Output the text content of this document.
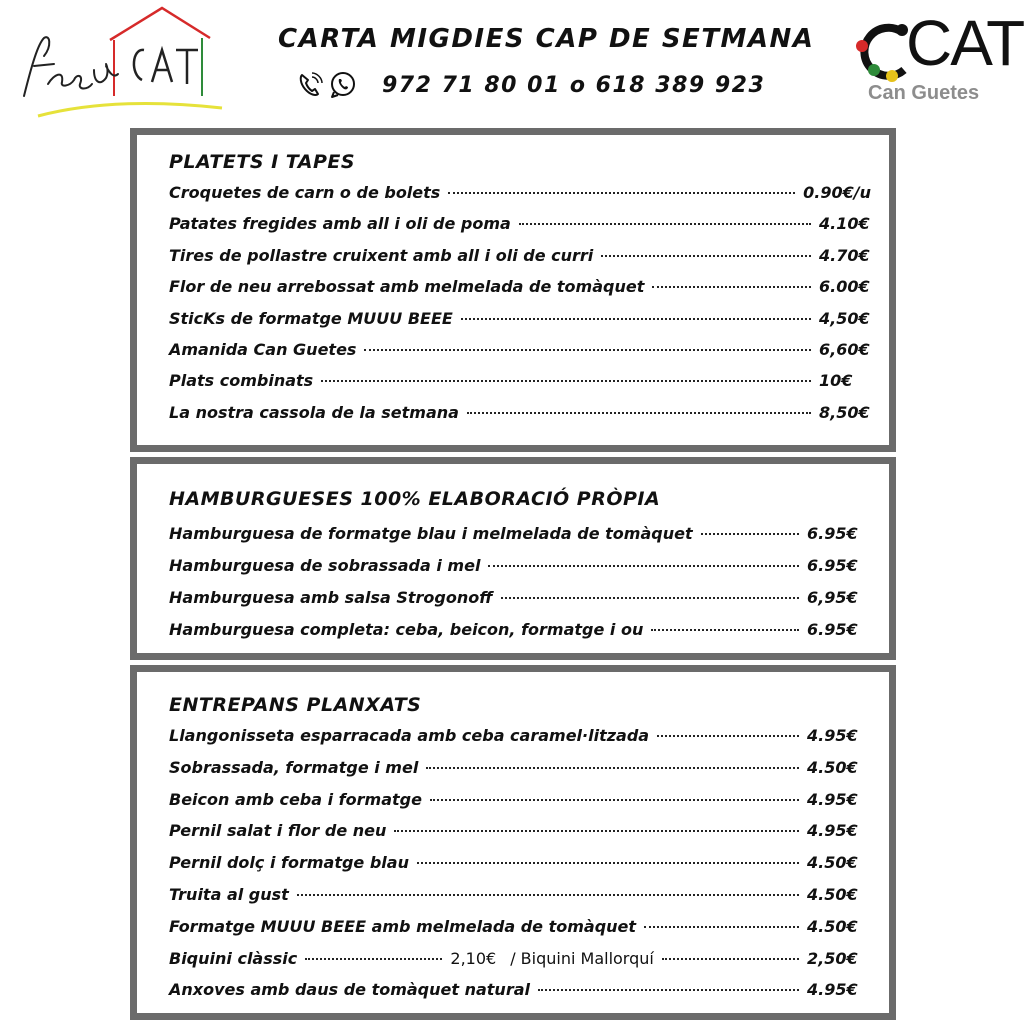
CARTA MIGDIES CAP DE SETMANA
972 71 80 01 o 618 389 923
CAT
Can Guetes
PLATETS I TAPES
Croquetes de carn o de bolets	0.90€/u
Patates fregides amb all i oli de poma	4.10€
Tires de pollastre cruixent amb all i oli de curri	4.70€
Flor de neu arrebossat amb melmelada de tomàquet	6.00€
SticKs de formatge MUUU BEEE	4,50€
Amanida Can Guetes	6,60€
Plats combinats	10€
La nostra cassola de la setmana	8,50€
HAMBURGUESES 100% ELABORACIÓ PRÒPIA
Hamburguesa de formatge blau i melmelada de tomàquet	6.95€
Hamburguesa de sobrassada i mel	6.95€
Hamburguesa amb salsa Strogonoff	6,95€
Hamburguesa completa: ceba, beicon, formatge i ou	6.95€
ENTREPANS PLANXATS
Llangonisseta esparracada amb ceba caramel·litzada	4.95€
Sobrassada, formatge i mel	4.50€
Beicon amb ceba i formatge	4.95€
Pernil salat i flor de neu	4.95€
Pernil dolç i formatge blau	4.50€
Truita al gust	4.50€
Formatge MUUU BEEE amb melmelada de tomàquet	4.50€
Biquini clàssic	2,10€ / Biquini Mallorquí	2,50€
Anxoves amb daus de tomàquet natural	4.95€
